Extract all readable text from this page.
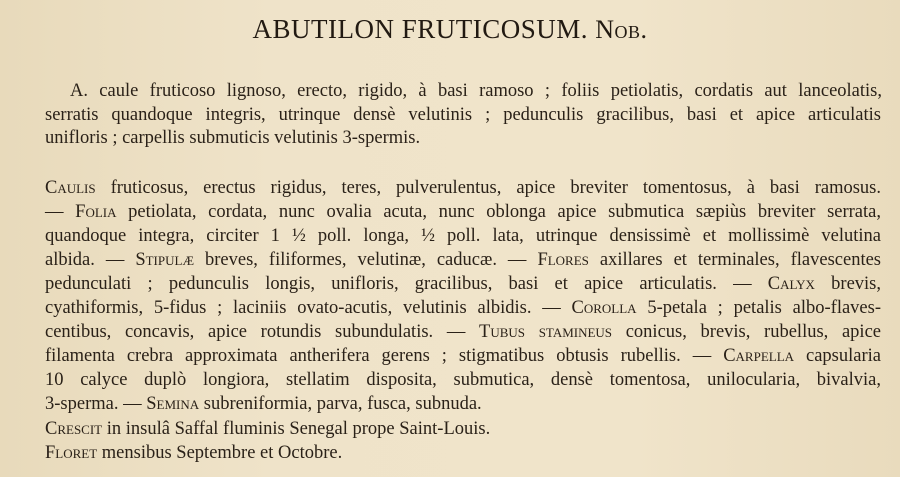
ABUTILON FRUTICOSUM. Nob.
A. caule fruticoso lignoso, erecto, rigido, à basi ramoso ; foliis petiolatis, cordatis aut lanceolatis,
serratis quandoque integris, utrinque densè velutinis ; pedunculis gracilibus, basi et apice articulatis
unifloris ; carpellis submuticis velutinis 3-spermis.
Caulis fruticosus, erectus rigidus, teres, pulverulentus, apice breviter tomentosus, à basi ramosus.
— Folia petiolata, cordata, nunc ovalia acuta, nunc oblonga apice submutica sæpiùs breviter serrata,
quandoque integra, circiter 1 ½ poll. longa, ½ poll. lata, utrinque densissimè et mollissimè velutina
albida. — Stipulæ breves, filiformes, velutinæ, caducæ. — Flores axillares et terminales, flavescentes
pedunculati ; pedunculis longis, unifloris, gracilibus, basi et apice articulatis. — Calyx brevis,
cyathiformis, 5-fidus ; laciniis ovato-acutis, velutinis albidis. — Corolla 5-petala ; petalis albo-flaves-
centibus, concavis, apice rotundis subundulatis. — Tubus stamineus conicus, brevis, rubellus, apice
filamenta crebra approximata antherifera gerens ; stigmatibus obtusis rubellis. — Carpella capsularia
10 calyce duplò longiora, stellatim disposita, submutica, densè tomentosa, unilocularia, bivalvia,
3-sperma. — Semina subreniformia, parva, fusca, subnuda.
Crescit in insulâ Saffal fluminis Senegal prope Saint-Louis.
Floret mensibus Septembre et Octobre.
